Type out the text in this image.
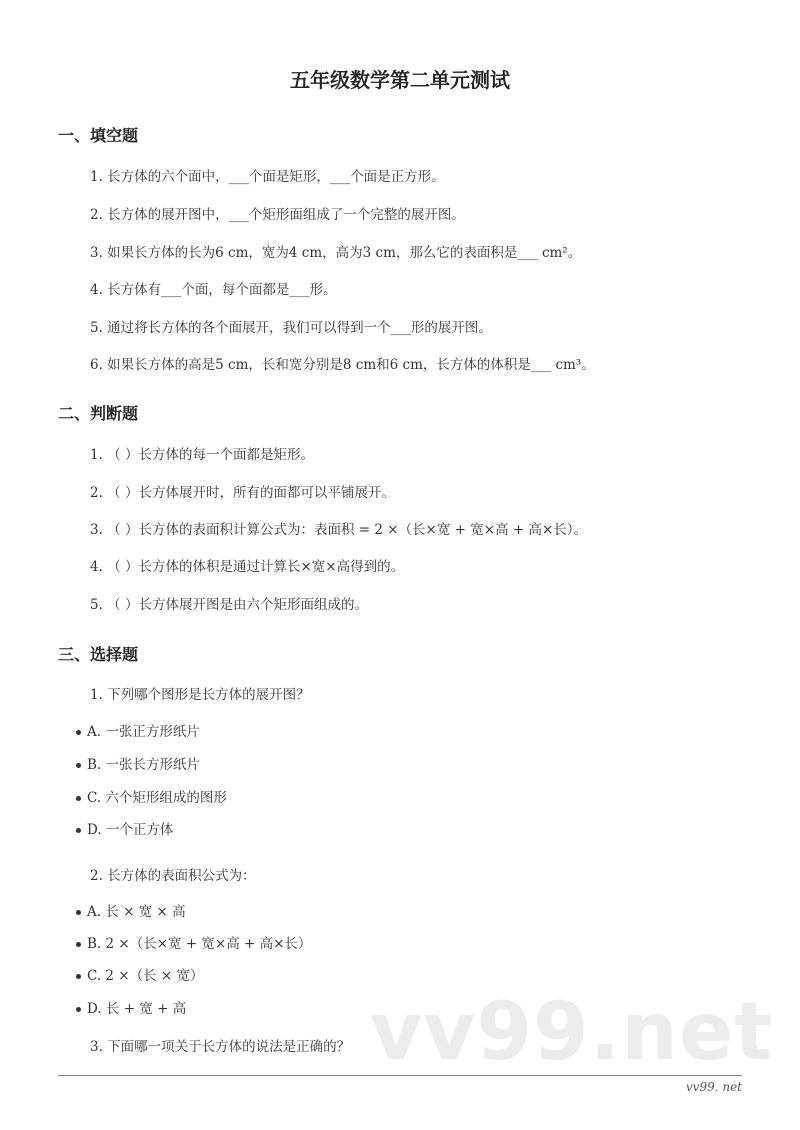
五年级数学第二单元测试
一、填空题
1. 长方体的六个面中，___个面是矩形，___个面是正方形。
2. 长方体的展开图中，___个矩形面组成了一个完整的展开图。
3. 如果长方体的长为6 cm，宽为4 cm，高为3 cm，那么它的表面积是___ cm²。
4. 长方体有___个面，每个面都是___形。
5. 通过将长方体的各个面展开，我们可以得到一个___形的展开图。
6. 如果长方体的高是5 cm，长和宽分别是8 cm和6 cm，长方体的体积是___ cm³。
二、判断题
1. （ ）长方体的每一个面都是矩形。
2. （ ）长方体展开时，所有的面都可以平铺展开。
3. （ ）长方体的表面积计算公式为：表面积 = 2 ×（长×宽 + 宽×高 + 高×长）。
4. （ ）长方体的体积是通过计算长×宽×高得到的。
5. （ ）长方体展开图是由六个矩形面组成的。
三、选择题
1. 下列哪个图形是长方体的展开图？
A. 一张正方形纸片
B. 一张长方形纸片
C. 六个矩形组成的图形
D. 一个正方体
2. 长方体的表面积公式为：
A. 长 × 宽 × 高
B. 2 ×（长×宽 + 宽×高 + 高×长）
C. 2 ×（长 × 宽）
D. 长 + 宽 + 高 vv99.net
3. 下面哪一项关于长方体的说法是正确的？
vv99. net
